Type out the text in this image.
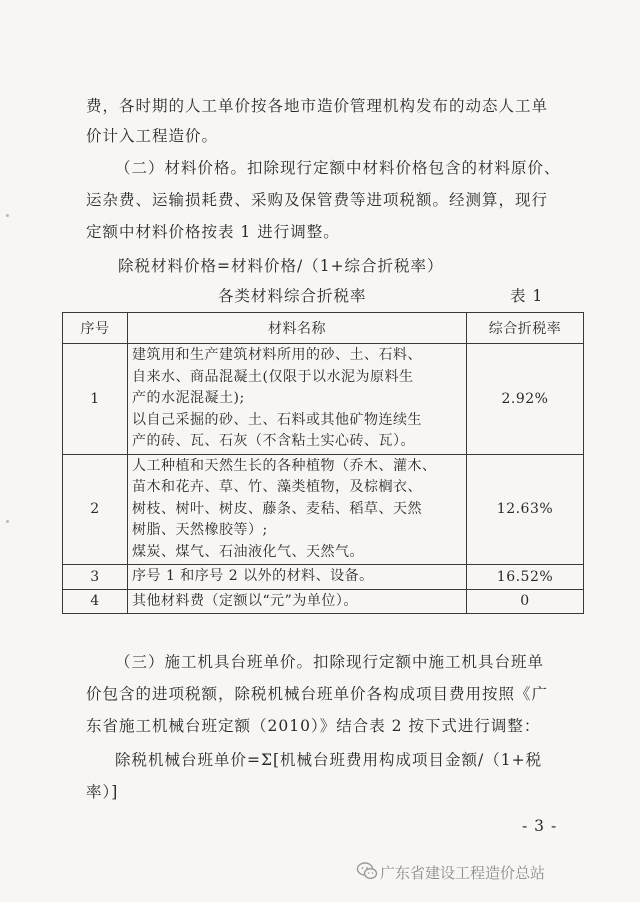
费，各时期的人工单价按各地市造价管理机构发布的动态人工单
价计入工程造价。
（二）材料价格。扣除现行定额中材料价格包含的材料原价、
运杂费、运输损耗费、采购及保管费等进项税额。经测算，现行
定额中材料价格按表 1 进行调整。
除税材料价格=材料价格/（1+综合折税率）
各类材料综合折税率	表 1
序号	材料名称	综合折税率
1	建筑用和生产建筑材料所用的砂、土、石料、
自来水、商品混凝土(仅限于以水泥为原料生
产的水泥混凝土);
以自己采掘的砂、土、石料或其他矿物连续生
产的砖、瓦、石灰（不含粘土实心砖、瓦）。	2.92%
2	人工种植和天然生长的各种植物（乔木、灌木、
苗木和花卉、草、竹、藻类植物，及棕榈衣、
树枝、树叶、树皮、藤条、麦秸、稻草、天然
树脂、天然橡胶等）;
煤炭、煤气、石油液化气、天然气。	12.63%
3	序号 1 和序号 2 以外的材料、设备。	16.52%
4	其他材料费（定额以“元”为单位）。	0
（三）施工机具台班单价。扣除现行定额中施工机具台班单
价包含的进项税额，除税机械台班单价各构成项目费用按照《广
东省施工机械台班定额（2010）》结合表 2 按下式进行调整：
除税机械台班单价=Σ[机械台班费用构成项目金额/（1+税
率）]
- 3 -
广东省建设工程造价总站
